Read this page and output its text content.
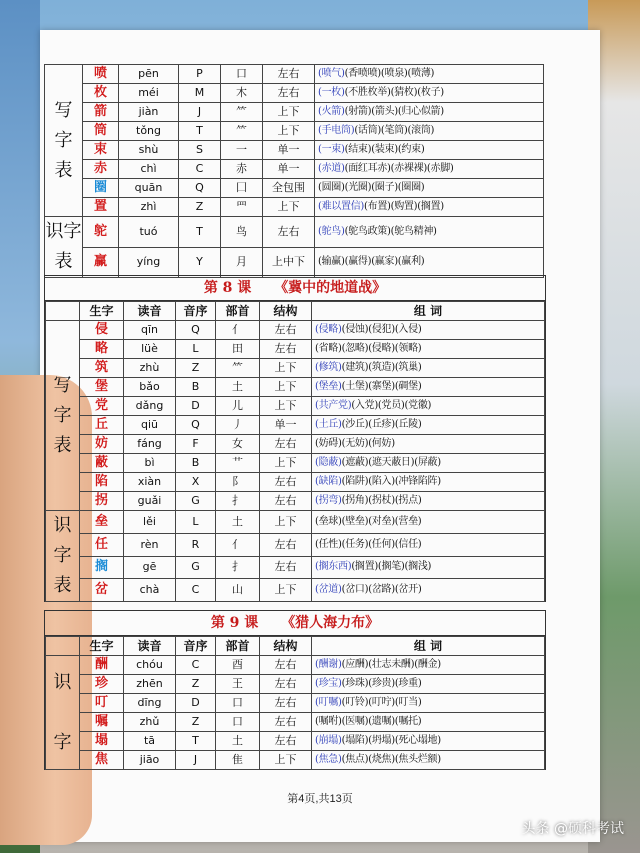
写
字
表	喷	pēn	P	口	左右	(喷气)(香喷喷)(喷泉)(喷薄)
	枚	méi	M	木	左右	(一枚)(不胜枚举)(猜枚)(枚子)
	箭	jiàn	J	⺮	上下	(火箭)(射箭)(箭头)(归心似箭)
	筒	tǒng	T	⺮	上下	(手电筒)(话筒)(笔筒)(滚筒)
	束	shù	S	一	单一	(一束)(结束)(装束)(约束)
	赤	chì	C	赤	单一	(赤道)(面红耳赤)(赤裸裸)(赤脚)
	圈	quān	Q	囗	全包围	(圆圈)(光圈)(圈子)(圈圈)
	置	zhì	Z	罒	上下	(难以置信)(布置)(购置)(搁置)
识字表	鸵	tuó	T	鸟	左右	(鸵鸟)(鸵鸟政策)(鸵鸟精神)
	赢	yíng	Y	月	上中下	(输赢)(赢得)(赢家)(赢利)
第 8 课 《冀中的地道战》
	生字	读音	音序	部首	结构	组 词
写
字
表	侵	qīn	Q	亻	左右	(侵略)(侵蚀)(侵犯)(入侵)
	略	lüè	L	田	左右	(省略)(忽略)(侵略)(领略)
	筑	zhù	Z	⺮	上下	(修筑)(建筑)(筑造)(筑巢)
	堡	bǎo	B	土	上下	(堡垒)(土堡)(寨堡)(碉堡)
	党	dǎng	D	儿	上下	(共产党)(入党)(党员)(党徽)
	丘	qiū	Q	丿	单一	(土丘)(沙丘)(丘疹)(丘陵)
	妨	fáng	F	女	左右	(妨碍)(无妨)(何妨)
	蔽	bì	B	艹	上下	(隐蔽)(遮蔽)(遮天蔽日)(屏蔽)
	陷	xiàn	X	阝	左右	(缺陷)(陷阱)(陷入)(冲锋陷阵)
	拐	guǎi	G	扌	左右	(拐弯)(拐角)(拐杖)(拐点)
识
字
表	垒	lěi	L	土	上下	(垒球)(壁垒)(对垒)(营垒)
	任	rèn	R	亻	左右	(任性)(任务)(任何)(信任)
	搁	gē	G	扌	左右	(搁东西)(搁置)(搁笔)(搁浅)
	岔	chà	C	山	上下	(岔道)(岔口)(岔路)(岔开)
第 9 课 《猎人海力布》
	生字	读音	音序	部首	结构	组 词
识

字	酬	chóu	C	酉	左右	(酬谢)(应酬)(壮志未酬)(酬金)
	珍	zhēn	Z	王	左右	(珍宝)(珍珠)(珍贵)(珍重)
	叮	dīng	D	口	左右	(叮嘱)(叮铃)(叮咛)(叮当)
	嘱	zhǔ	Z	口	左右	(嘱咐)(医嘱)(遗嘱)(嘱托)
	塌	tā	T	土	左右	(崩塌)(塌陷)(坍塌)(死心塌地)
	焦	jiāo	J	隹	上下	(焦急)(焦点)(烧焦)(焦头烂额)
第4页,共13页
头条 @硕科考试
